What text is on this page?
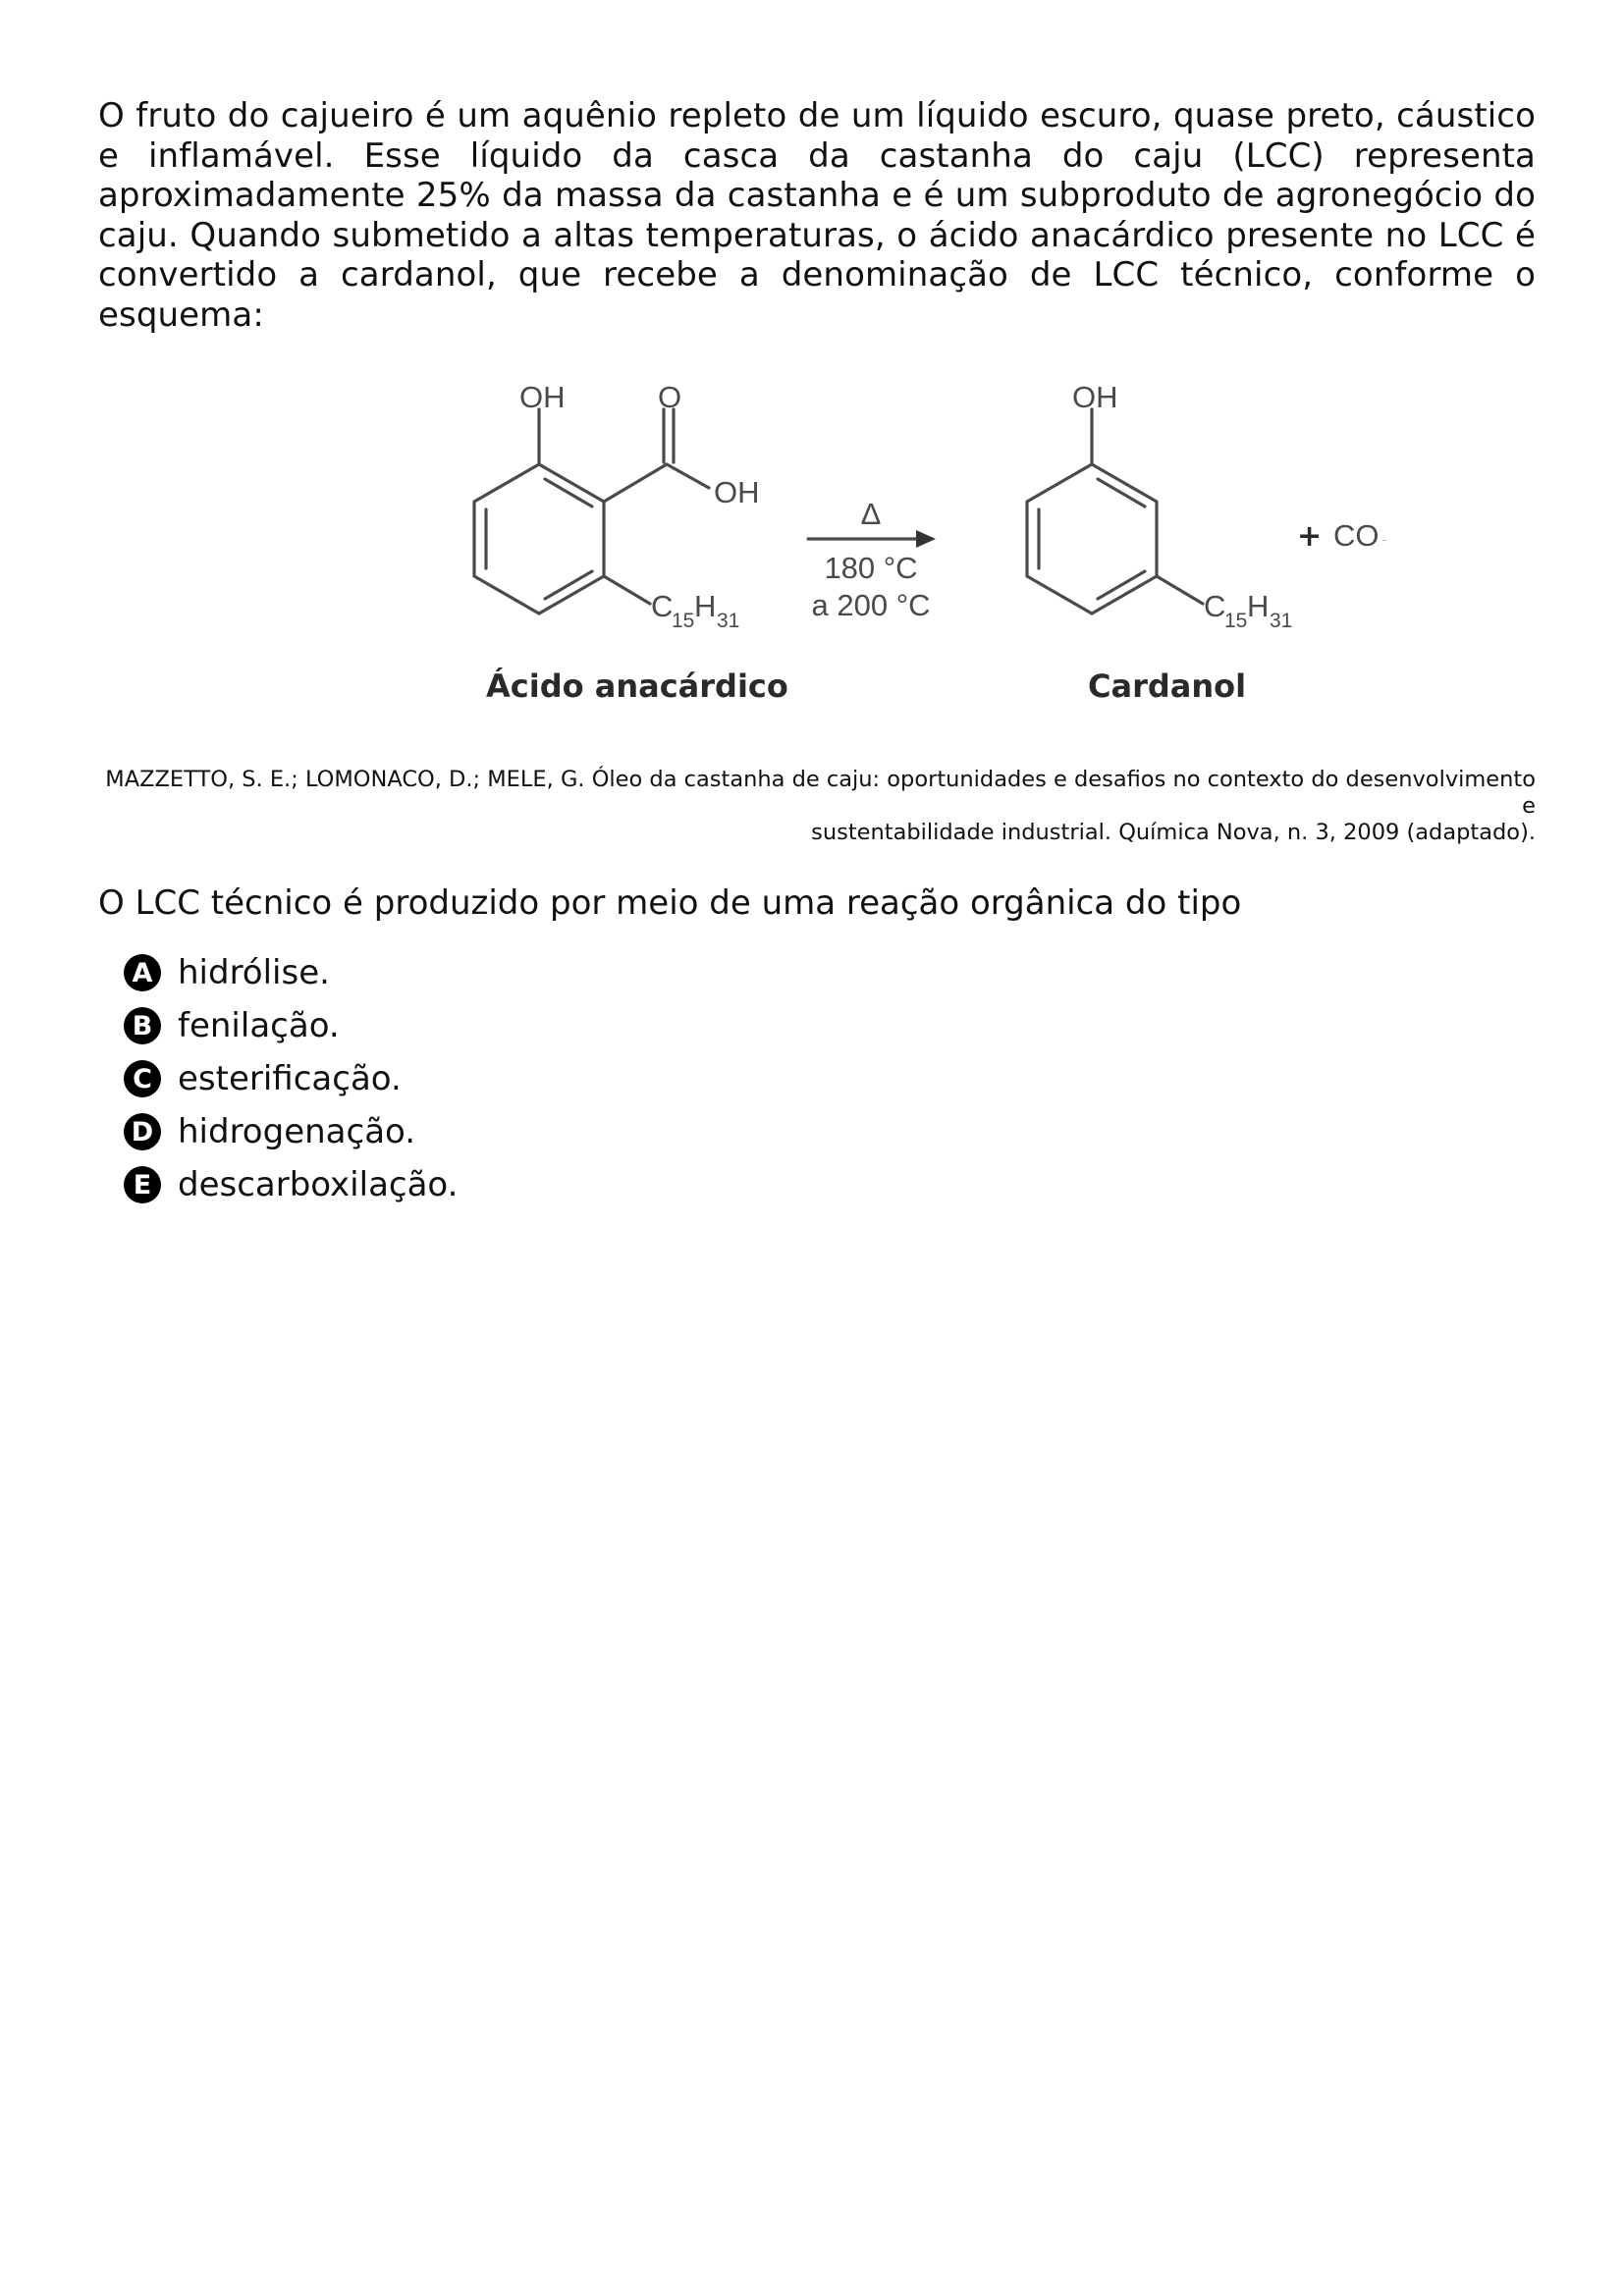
O fruto do cajueiro é um aquênio repleto de um líquido escuro, quase preto, cáustico e inflamável. Esse líquido da casca da castanha do caju (LCC) representa aproximadamente 25% da massa da castanha e é um subproduto de agronegócio do caju. Quando submetido a altas temperaturas, o ácido anacárdico presente no LCC é convertido a cardanol, que recebe a denominação de LCC técnico, conforme o esquema:

OH	O
OH
C
15 H 31
Ácido anacárdico
Δ
180 °C
a 200 °C
OH
C
15 H 31
Cardanol
+ CO

MAZZETTO, S. E.; LOMONACO, D.; MELE, G. Óleo da castanha de caju: oportunidades e desafios no contexto do desenvolvimento e
sustentabilidade industrial. Química Nova, n. 3, 2009 (adaptado).

O LCC técnico é produzido por meio de uma reação orgânica do tipo

A hidrólise.
B fenilação.
C esterificação.
D hidrogenação.
E descarboxilação.
